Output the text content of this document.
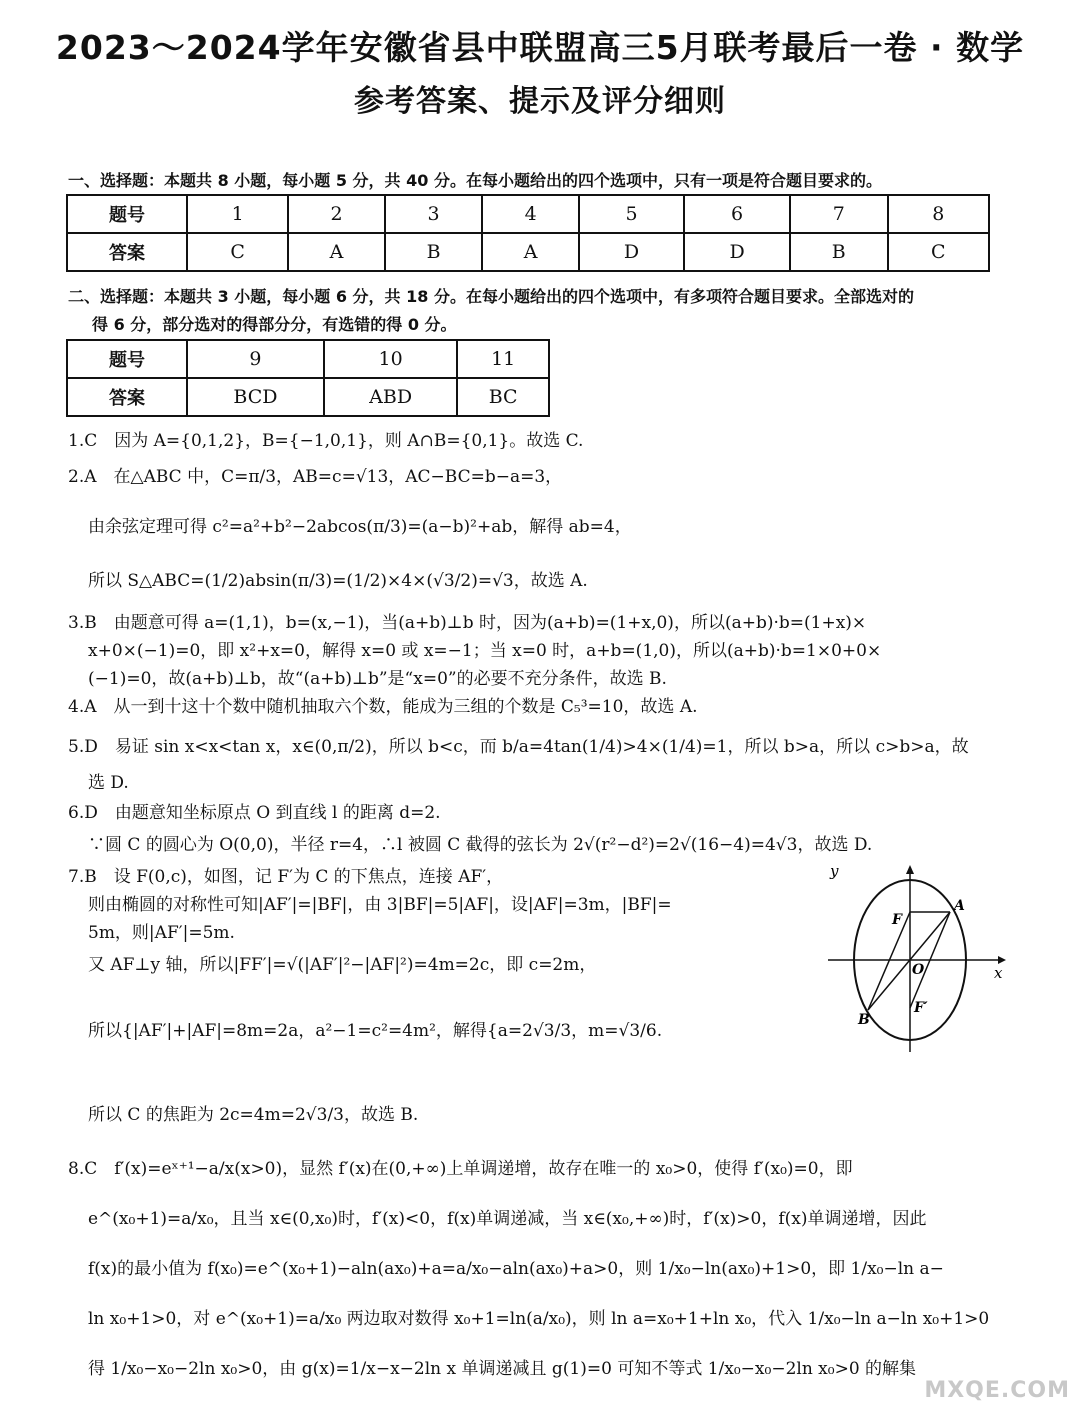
2023～2024学年安徽省县中联盟高三5月联考最后一卷 · 数学
参考答案、提示及评分细则
一、选择题：本题共 8 小题，每小题 5 分，共 40 分。在每小题给出的四个选项中，只有一项是符合题目要求的。
题号	1	2	3	4	5	6	7	8
答案	C	A	B	A	D	D	B	C
二、选择题：本题共 3 小题，每小题 6 分，共 18 分。在每小题给出的四个选项中，有多项符合题目要求。全部选对的
得 6 分，部分选对的得部分分，有选错的得 0 分。
题号	9	10	11
答案	BCD	ABD	BC
1.C　因为 A={0,1,2}，B={−1,0,1}，则 A∩B={0,1}。故选 C.
2.A　在△ABC 中，C=π/3，AB=c=√13，AC−BC=b−a=3，
由余弦定理可得 c²=a²+b²−2abcos(π/3)=(a−b)²+ab，解得 ab=4，
所以 S△ABC=(1/2)absin(π/3)=(1/2)×4×(√3/2)=√3，故选 A.
3.B　由题意可得 a=(1,1)，b=(x,−1)，当(a+b)⊥b 时，因为(a+b)=(1+x,0)，所以(a+b)·b=(1+x)×
x+0×(−1)=0，即 x²+x=0，解得 x=0 或 x=−1；当 x=0 时，a+b=(1,0)，所以(a+b)·b=1×0+0×
(−1)=0，故(a+b)⊥b，故“(a+b)⊥b”是“x=0”的必要不充分条件，故选 B.
4.A　从一到十这十个数中随机抽取六个数，能成为三组的个数是 C₅³=10，故选 A.
5.D　易证 sin x<x<tan x，x∈(0,π/2)，所以 b<c，而 b/a=4tan(1/4)>4×(1/4)=1，所以 b>a，所以 c>b>a，故
选 D.
6.D　由题意知坐标原点 O 到直线 l 的距离 d=2.
∵圆 C 的圆心为 O(0,0)，半径 r=4，∴l 被圆 C 截得的弦长为 2√(r²−d²)=2√(16−4)=4√3，故选 D.
7.B　设 F(0,c)，如图，记 F′为 C 的下焦点，连接 AF′，
则由椭圆的对称性可知|AF′|=|BF|，由 3|BF|=5|AF|，设|AF|=3m，|BF|=
5m，则|AF′|=5m.
又 AF⊥y 轴，所以|FF′|=√(|AF′|²−|AF|²)=4m=2c，即 c=2m，
所以{|AF′|+|AF|=8m=2a，a²−1=c²=4m²，解得{a=2√3/3，m=√3/6.
所以 C 的焦距为 2c=4m=2√3/3，故选 B.
8.C　f′(x)=eˣ⁺¹−a/x(x>0)，显然 f′(x)在(0,+∞)上单调递增，故存在唯一的 x₀>0，使得 f′(x₀)=0，即
e^(x₀+1)=a/x₀，且当 x∈(0,x₀)时，f′(x)<0，f(x)单调递减，当 x∈(x₀,+∞)时，f′(x)>0，f(x)单调递增，因此
f(x)的最小值为 f(x₀)=e^(x₀+1)−aln(ax₀)+a=a/x₀−aln(ax₀)+a>0，则 1/x₀−ln(ax₀)+1>0，即 1/x₀−ln a−
ln x₀+1>0，对 e^(x₀+1)=a/x₀ 两边取对数得 x₀+1=ln(a/x₀)，则 ln a=x₀+1+ln x₀，代入 1/x₀−ln a−ln x₀+1>0
得 1/x₀−x₀−2ln x₀>0，由 g(x)=1/x−x−2ln x 单调递减且 g(1)=0 可知不等式 1/x₀−x₀−2ln x₀>0 的解集
y
x
A
B
F
F′
O
MXQE.COM
